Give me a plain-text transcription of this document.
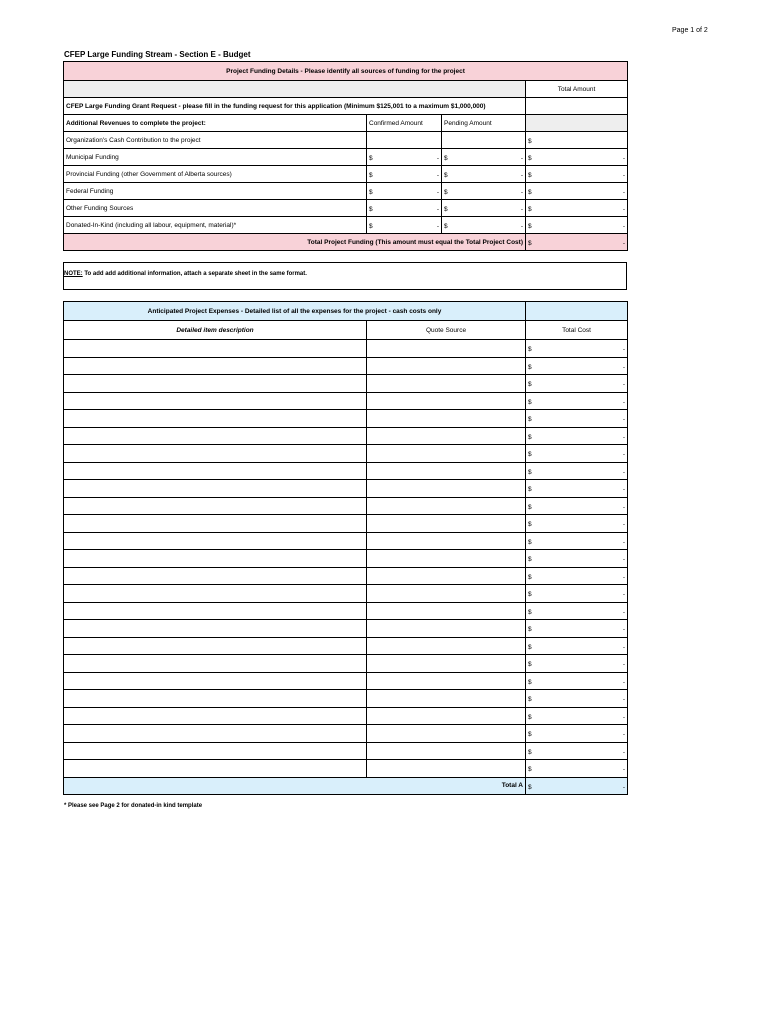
Page 1 of 2
CFEP Large Funding Stream - Section E - Budget
Project Funding Details - Please identify all sources of funding for the project			
			Total Amount
CFEP Large Funding Grant Request - please fill in the funding request for this application (Minimum $125,001 to a maximum $1,000,000)			
Additional Revenues to complete the project:	Confirmed Amount	Pending Amount	
Organization's Cash Contribution to the project			$

Municipal Funding	$ -	$ -	$ -

Provincial Funding (other Government of Alberta sources)	$ -	$ -	$ -

Federal Funding	$ -	$ -	$ -

Other Funding Sources	$ -	$ -	$ -

Donated-In-Kind (including all labour, equipment, material)*	$ -	$ -	$ -

Total Project Funding (This amount must equal the Total Project Cost)			$ -
NOTE: To add add additional information, attach a separate sheet in the same format.
Anticipated Project Expenses - Detailed list of all the expenses for the project - cash costs only		
Detailed item description	Quote Source	Total Cost

		$ -

		$ -

		$ -

		$ -

		$ -

		$ -

		$ -

		$ -

		$ -

		$ -

		$ -

		$ -

		$ -

		$ -

		$ -

		$ -

		$ -

		$ -

		$ -

		$ -

		$ -

		$ -

		$ -

		$ -

		$ -

Total A		$ -
* Please see Page 2 for donated-in kind template
